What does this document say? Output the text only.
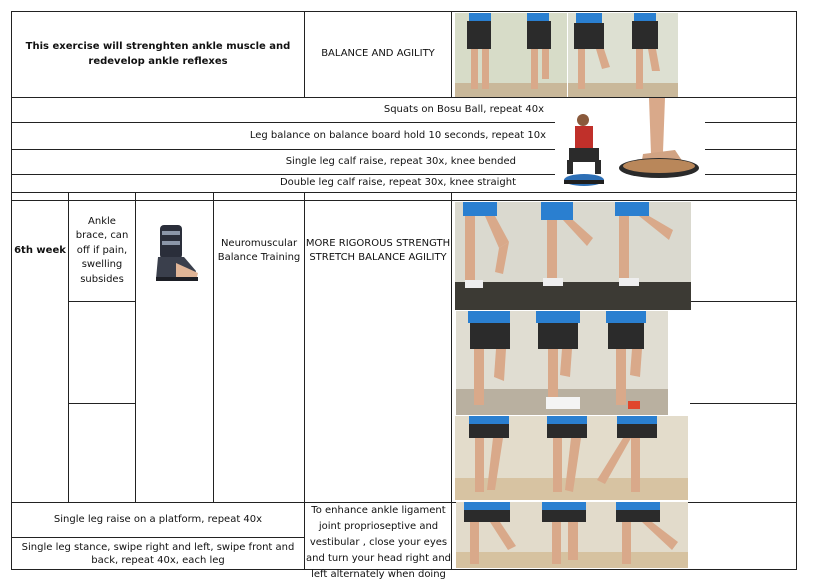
This exercise will strenghten ankle muscle and redevelop ankle reflexes
BALANCE AND AGILITY
Squats on Bosu Ball, repeat 40x
Leg balance on balance board hold 10 seconds, repeat 10x
Single leg calf raise, repeat 30x, knee bended
Double leg calf raise, repeat 30x, knee straight
6th week
Ankle brace, can off if pain, swelling subsides
Neuromuscular Balance Training
MORE RIGOROUS STRENGTH STRETCH BALANCE AGILITY
Single leg raise on a platform, repeat 40x
Single leg stance, swipe right and left, swipe front and back, repeat 40x, each leg
To enhance ankle ligament joint proprioseptive and vestibular , close your eyes and turn your head right and left alternately when doing
